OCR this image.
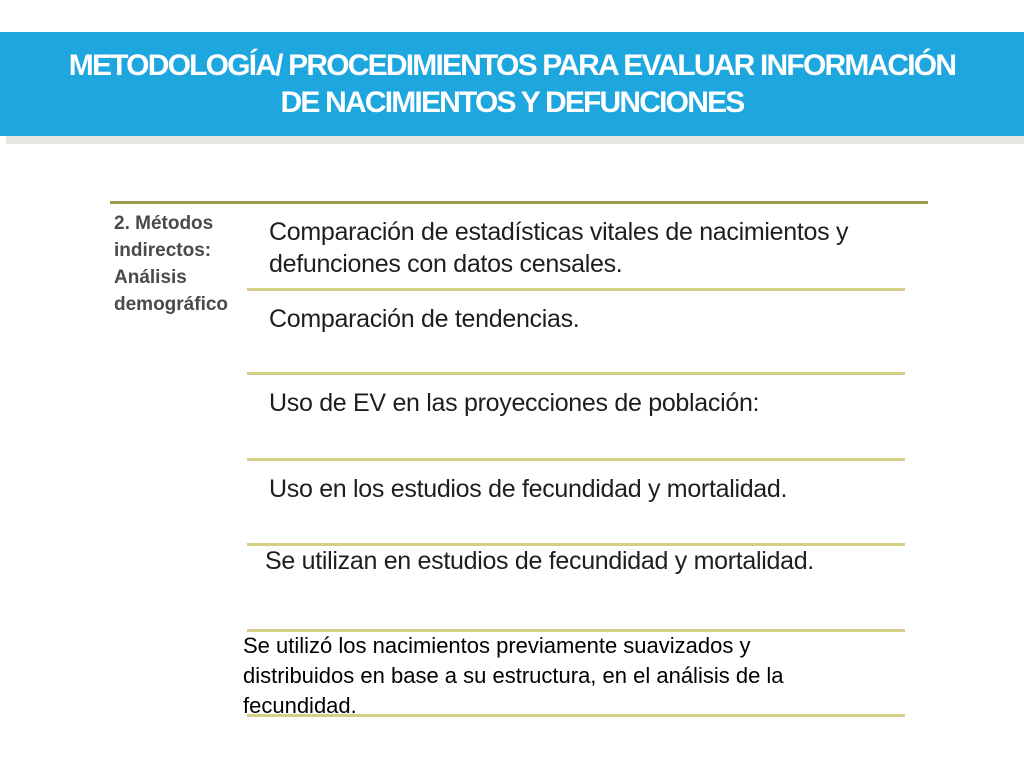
METODOLOGÍA/ PROCEDIMIENTOS PARA EVALUAR INFORMACIÓN
DE NACIMIENTOS Y DEFUNCIONES
2. Métodos
indirectos:
Análisis
demográfico
Comparación de estadísticas vitales de nacimientos y defunciones con datos censales.
Comparación de tendencias.
Uso de EV en las proyecciones de población:
Uso en los estudios de fecundidad y mortalidad.
Se utilizan en estudios de fecundidad y mortalidad.
Se utilizó los nacimientos previamente suavizados y distribuidos en base a su estructura, en el análisis de la fecundidad.
